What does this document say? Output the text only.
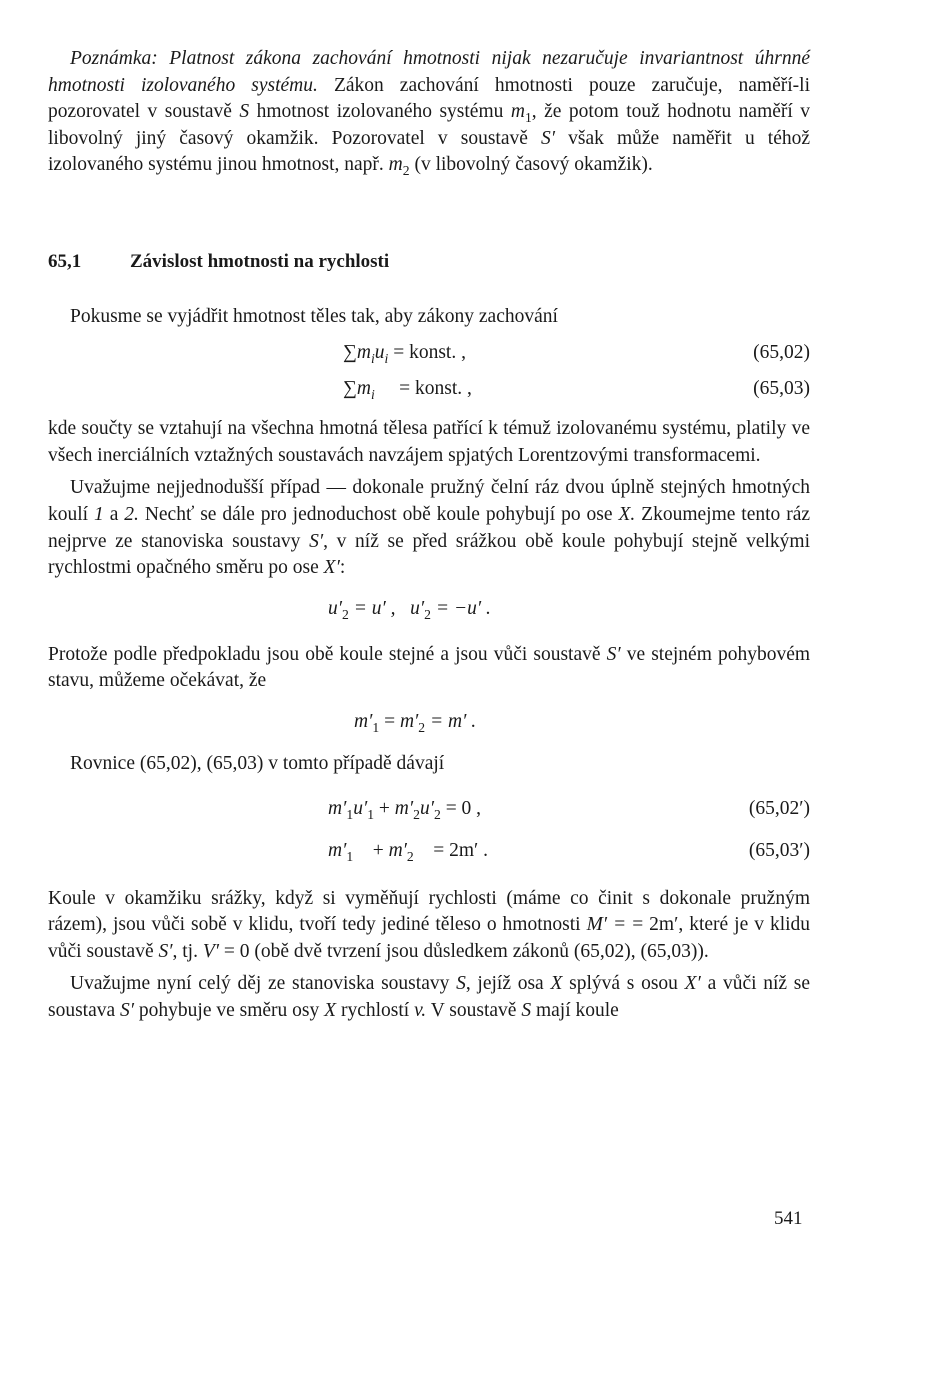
Poznámka: Platnost zákona zachování hmotnosti nijak nezaručuje invariantnost úhrnné hmotnosti izolovaného systému. Zákon zachování hmotnosti pouze zaručuje, naměří-li pozorovatel v soustavě S hmotnost izolovaného systému $m_1$, že potom touž hodnotu naměří v libovolný jiný časový okamžik. Pozorovatel v soustavě S′ však může naměřit u téhož izolovaného systému jinou hmotnost, např. $m_2$ (v libovolný časový okamžik).

65,1	Závislost hmotnosti na rychlosti

Pokusme se vyjádřit hmotnost těles tak, aby zákony zachování

$\sum m_iu_i$ = konst. ,	(65,02)
$\sum m_i$ = konst. ,	(65,03)

kde součty se vztahují na všechna hmotná tělesa patřící k témuž izolovanému systému, platily ve všech inerciálních vztažných soustavách navzájem spjatých Lorentzovými transformacemi.

Uvažujme nejjednodušší případ — dokonale pružný čelní ráz dvou úplně stejných hmotných koulí 1 a 2. Nechť se dále pro jednoduchost obě koule pohybují po ose X. Zkoumejme tento ráz nejprve ze stanoviska soustavy S′, v níž se před srážkou obě koule pohybují stejně velkými rychlostmi opačného směru po ose X′:

$u'_2 = u'$ , $u'_2 = -u'$ .

Protože podle předpokladu jsou obě koule stejné a jsou vůči soustavě S′ ve stejném pohybovém stavu, můžeme očekávat, že

$m'_1 = m'_2 = m'$ .

Rovnice (65,02), (65,03) v tomto případě dávají

$m'_1u'_1 + m'_2u'_2 = 0$ ,	(65,02′)
$m'_1 + m'_2 = 2m'$ .	(65,03′)

Koule v okamžiku srážky, když si vyměňují rychlosti (máme co činit s dokonale pružným rázem), jsou vůči sobě v klidu, tvoří tedy jediné těleso o hmotnosti M′ = = 2m′, které je v klidu vůči soustavě S′, tj. V′ = 0 (obě dvě tvrzení jsou důsledkem zákonů (65,02), (65,03)).

Uvažujme nyní celý děj ze stanoviska soustavy S, jejíž osa X splývá s osou X′ a vůči níž se soustava S′ pohybuje ve směru osy X rychlostí v. V soustavě S mají koule

541
